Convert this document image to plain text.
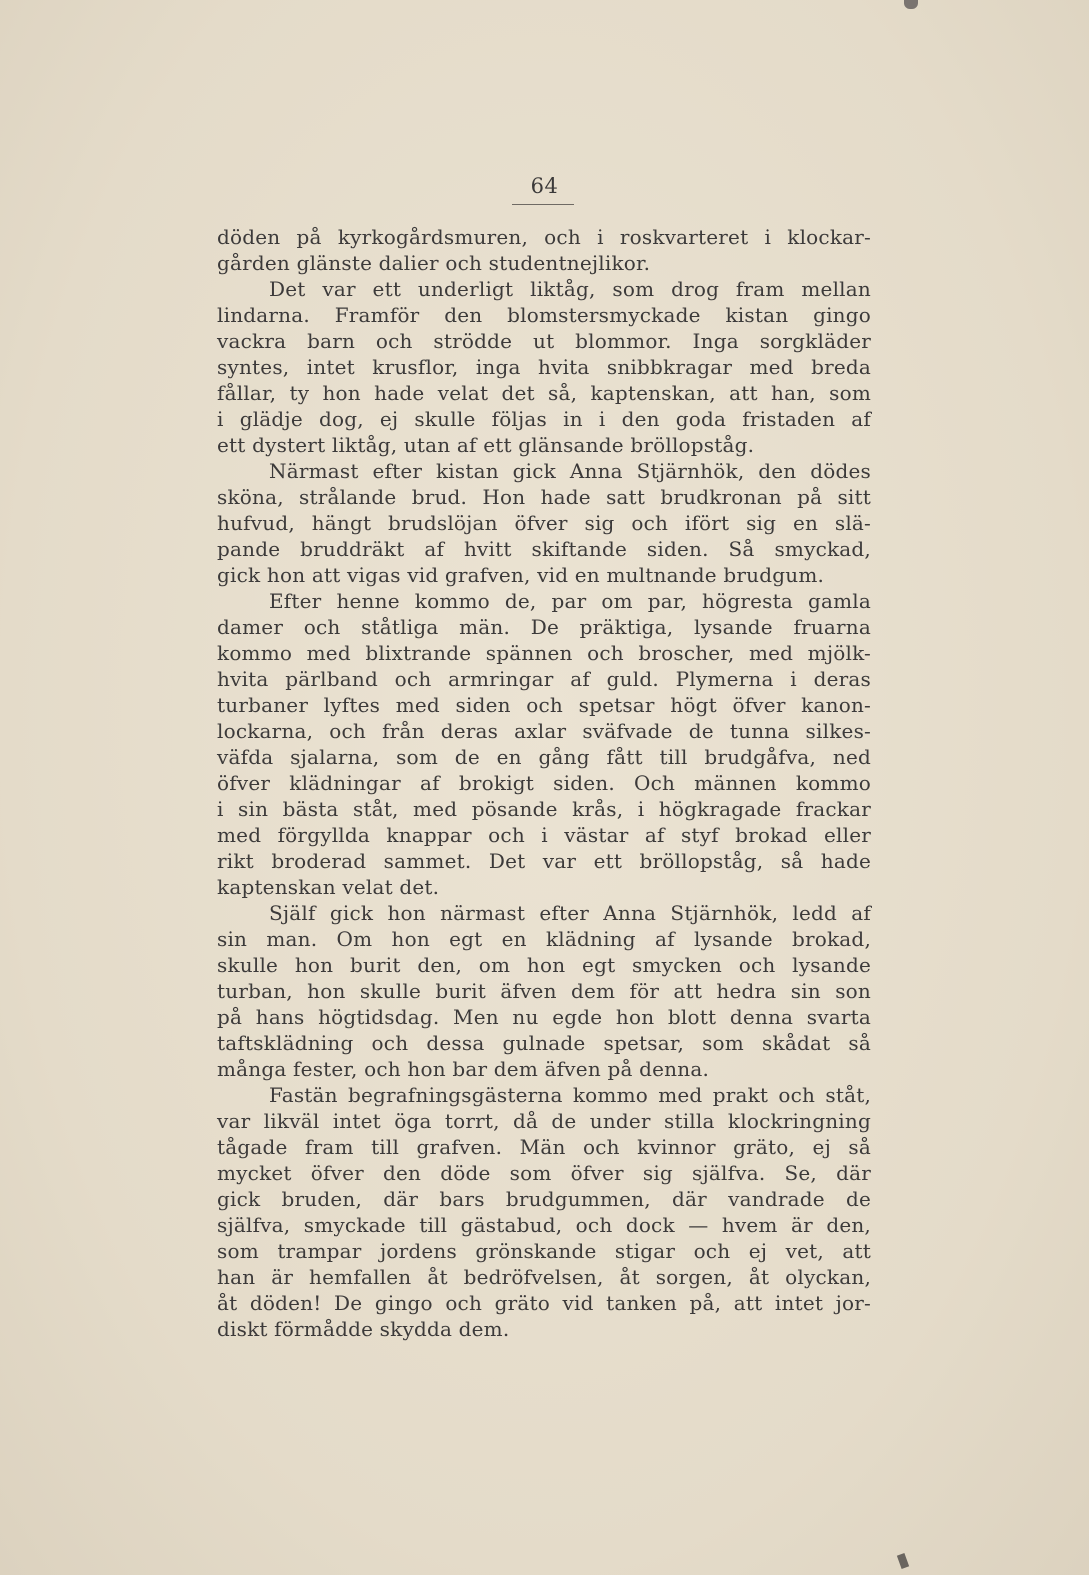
64
döden på kyrkogårdsmuren, och i roskvarteret i klockar-
gården glänste dalier och studentnejlikor.
Det var ett underligt liktåg, som drog fram mellan
lindarna. Framför den blomstersmyckade kistan gingo
vackra barn och strödde ut blommor. Inga sorgkläder
syntes, intet krusflor, inga hvita snibbkragar med breda
fållar, ty hon hade velat det så, kaptenskan, att han, som
i glädje dog, ej skulle följas in i den goda fristaden af
ett dystert liktåg, utan af ett glänsande bröllopståg.
Närmast efter kistan gick Anna Stjärnhök, den dödes
sköna, strålande brud. Hon hade satt brudkronan på sitt
hufvud, hängt brudslöjan öfver sig och ifört sig en slä-
pande bruddräkt af hvitt skiftande siden. Så smyckad,
gick hon att vigas vid grafven, vid en multnande brudgum.
Efter henne kommo de, par om par, högresta gamla
damer och ståtliga män. De präktiga, lysande fruarna
kommo med blixtrande spännen och broscher, med mjölk-
hvita pärlband och armringar af guld. Plymerna i deras
turbaner lyftes med siden och spetsar högt öfver kanon-
lockarna, och från deras axlar sväfvade de tunna silkes-
väfda sjalarna, som de en gång fått till brudgåfva, ned
öfver klädningar af brokigt siden. Och männen kommo
i sin bästa ståt, med pösande krås, i högkragade frackar
med förgyllda knappar och i västar af styf brokad eller
rikt broderad sammet. Det var ett bröllopståg, så hade
kaptenskan velat det.
Själf gick hon närmast efter Anna Stjärnhök, ledd af
sin man. Om hon egt en klädning af lysande brokad,
skulle hon burit den, om hon egt smycken och lysande
turban, hon skulle burit äfven dem för att hedra sin son
på hans högtidsdag. Men nu egde hon blott denna svarta
taftsklädning och dessa gulnade spetsar, som skådat så
många fester, och hon bar dem äfven på denna.
Fastän begrafningsgästerna kommo med prakt och ståt,
var likväl intet öga torrt, då de under stilla klockringning
tågade fram till grafven. Män och kvinnor gräto, ej så
mycket öfver den döde som öfver sig själfva. Se, där
gick bruden, där bars brudgummen, där vandrade de
själfva, smyckade till gästabud, och dock — hvem är den,
som trampar jordens grönskande stigar och ej vet, att
han är hemfallen åt bedröfvelsen, åt sorgen, åt olyckan,
åt döden! De gingo och gräto vid tanken på, att intet jor-
diskt förmådde skydda dem.
